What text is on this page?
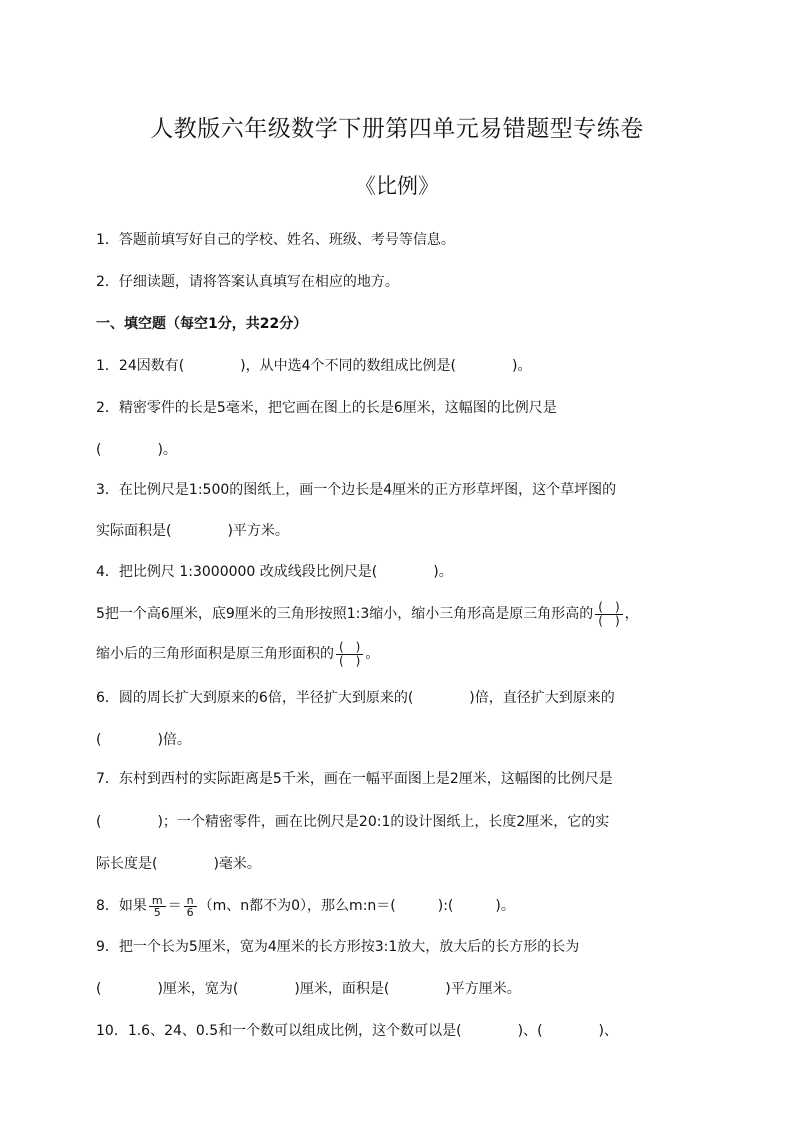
人教版六年级数学下册第四单元易错题型专练卷
《比例》
1．答题前填写好自己的学校、姓名、班级、考号等信息。
2．仔细读题，请将答案认真填写在相应的地方。
一、填空题（每空1分，共22分）
1．24因数有(　　　　)，从中选4个不同的数组成比例是(　　　　)。
2．精密零件的长是5毫米，把它画在图上的长是6厘米，这幅图的比例尺是
(　　　　)。
3．在比例尺是1:500的图纸上，画一个边长是4厘米的正方形草坪图，这个草坪图的
实际面积是(　　　　)平方米。
4．把比例尺 1:3000000 改成线段比例尺是(　　　　)。
5把一个高6厘米，底9厘米的三角形按照1:3缩小，缩小三角形高是原三角形高的 $\frac{( )}{( )}$ ，
缩小后的三角形面积是原三角形面积的 $\frac{( )}{( )}$ 。
6．圆的周长扩大到原来的6倍，半径扩大到原来的(　　　　)倍，直径扩大到原来的
(　　　　)倍。
7．东村到西村的实际距离是5千米，画在一幅平面图上是2厘米，这幅图的比例尺是
(　　　　)；一个精密零件，画在比例尺是20:1的设计图纸上，长度2厘米，它的实
际长度是(　　　　)毫米。
8．如果 $\frac{m}{5} = \frac{n}{6} (m$、n都不为0），那么m:n＝(　　　):(　　　)。
9．把一个长为5厘米，宽为4厘米的长方形按3:1放大，放大后的长方形的长为
(　　　　)厘米，宽为(　　　　)厘米，面积是(　　　　)平方厘米。
10．1.6、24、0.5和一个数可以组成比例，这个数可以是(　　　　)、(　　　　)、
